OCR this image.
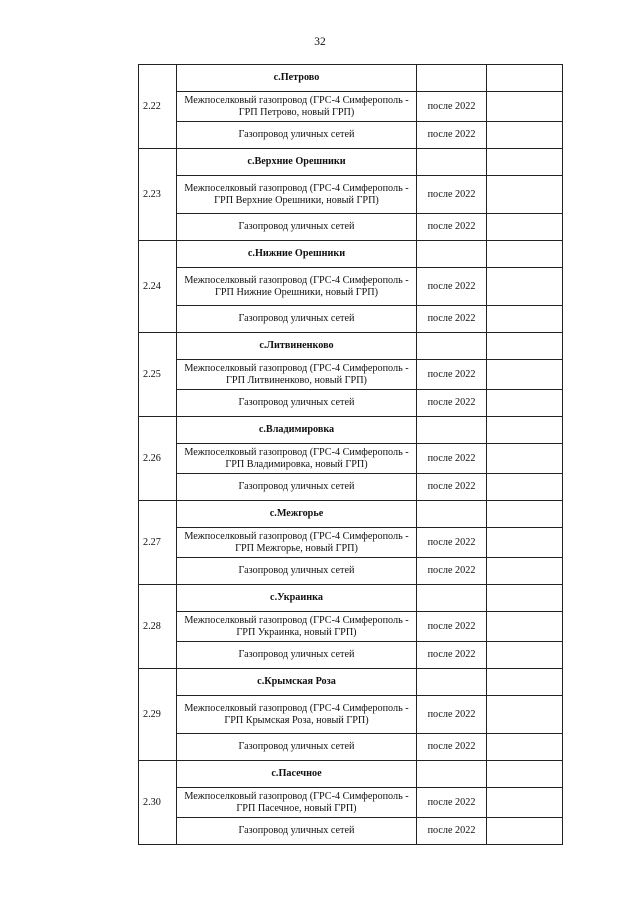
32
2.22	с.Петрово		
	Межпоселковый газопровод (ГРС-4 Симферополь - ГРП Петрово, новый ГРП)	после 2022	
	Газопровод уличных сетей	после 2022	
2.23	с.Верхние Орешники		
	Межпоселковый газопровод (ГРС-4 Симферополь - ГРП Верхние Орешники, новый ГРП)	после 2022	
	Газопровод уличных сетей	после 2022	
2.24	с.Нижние Орешники		
	Межпоселковый газопровод (ГРС-4 Симферополь - ГРП Нижние Орешники, новый ГРП)	после 2022	
	Газопровод уличных сетей	после 2022	
2.25	с.Литвиненково		
	Межпоселковый газопровод (ГРС-4 Симферополь - ГРП Литвиненково, новый ГРП)	после 2022	
	Газопровод уличных сетей	после 2022	
2.26	с.Владимировка		
	Межпоселковый газопровод (ГРС-4 Симферополь - ГРП Владимировка, новый ГРП)	после 2022	
	Газопровод уличных сетей	после 2022	
2.27	с.Межгорье		
	Межпоселковый газопровод (ГРС-4 Симферополь - ГРП Межгорье, новый ГРП)	после 2022	
	Газопровод уличных сетей	после 2022	
2.28	с.Украинка		
	Межпоселковый газопровод (ГРС-4 Симферополь - ГРП Украинка, новый ГРП)	после 2022	
	Газопровод уличных сетей	после 2022	
2.29	с.Крымская Роза		
	Межпоселковый газопровод (ГРС-4 Симферополь - ГРП Крымская Роза, новый ГРП)	после 2022	
	Газопровод уличных сетей	после 2022	
2.30	с.Пасечное		
	Межпоселковый газопровод (ГРС-4 Симферополь - ГРП Пасечное, новый ГРП)	после 2022	
	Газопровод уличных сетей	после 2022	
